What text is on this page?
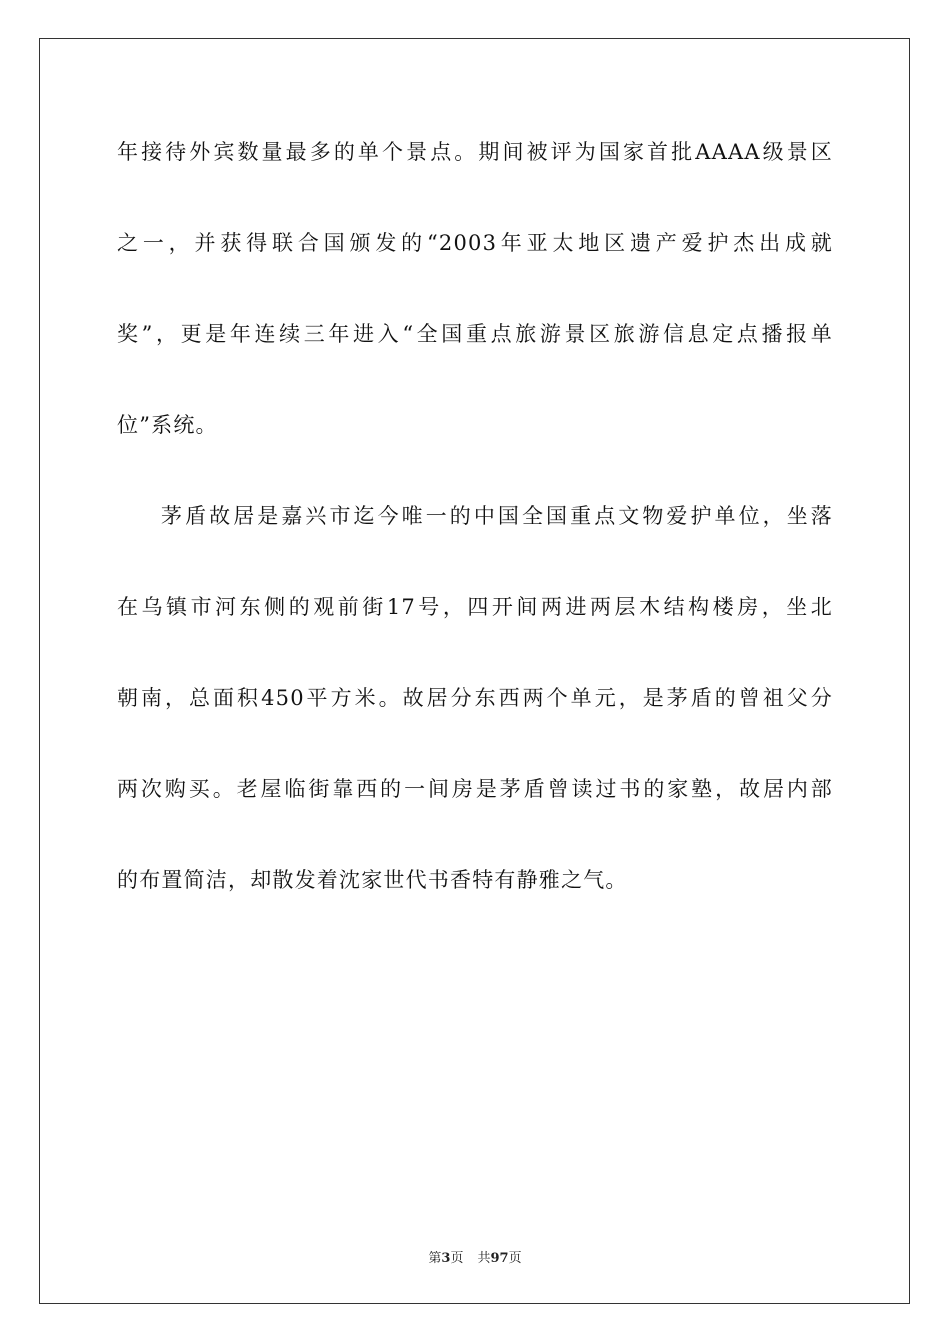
年接待外宾数量最多的单个景点。期间被评为国家首批AAAA级景区
之一，并获得联合国颁发的“2003年亚太地区遗产爱护杰出成就
奖”，更是年连续三年进入“全国重点旅游景区旅游信息定点播报单
位”系统。
茅盾故居是嘉兴市迄今唯一的中国全国重点文物爱护单位，坐落
在乌镇市河东侧的观前街17号，四开间两进两层木结构楼房，坐北
朝南，总面积450平方米。故居分东西两个单元，是茅盾的曾祖父分
两次购买。老屋临街靠西的一间房是茅盾曾读过书的家塾，故居内部
的布置简洁，却散发着沈家世代书香特有静雅之气。
第3页 共97页
